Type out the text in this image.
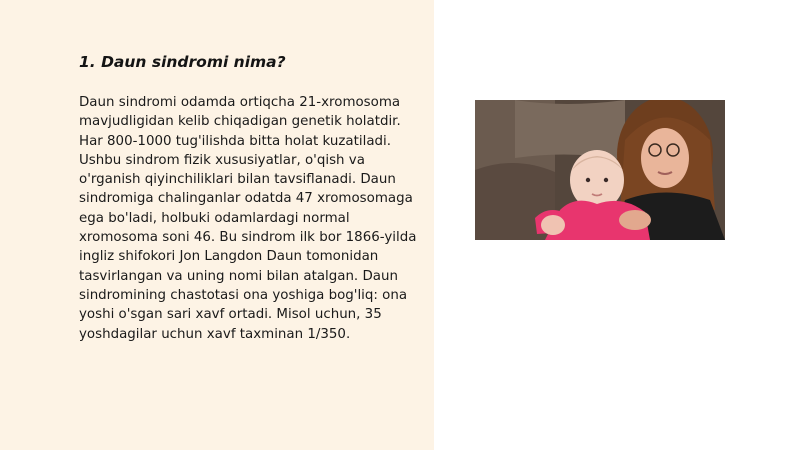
1. Daun sindromi nima?

Daun sindromi odamda ortiqcha 21-xromosoma mavjudligidan kelib chiqadigan genetik holatdir. Har 800-1000 tug'ilishda bitta holat kuzatiladi. Ushbu sindrom fizik xususiyatlar, o'qish va o'rganish qiyinchiliklari bilan tavsiflanadi. Daun sindromiga chalinganlar odatda 47 xromosomaga ega bo'ladi, holbuki odamlardagi normal xromosoma soni 46. Bu sindrom ilk bor 1866-yilda ingliz shifokori Jon Langdon Daun tomonidan tasvirlangan va uning nomi bilan atalgan. Daun sindromining chastotasi ona yoshiga bog'liq: ona yoshi o'sgan sari xavf ortadi. Misol uchun, 35 yoshdagilar uchun xavf taxminan 1/350.
